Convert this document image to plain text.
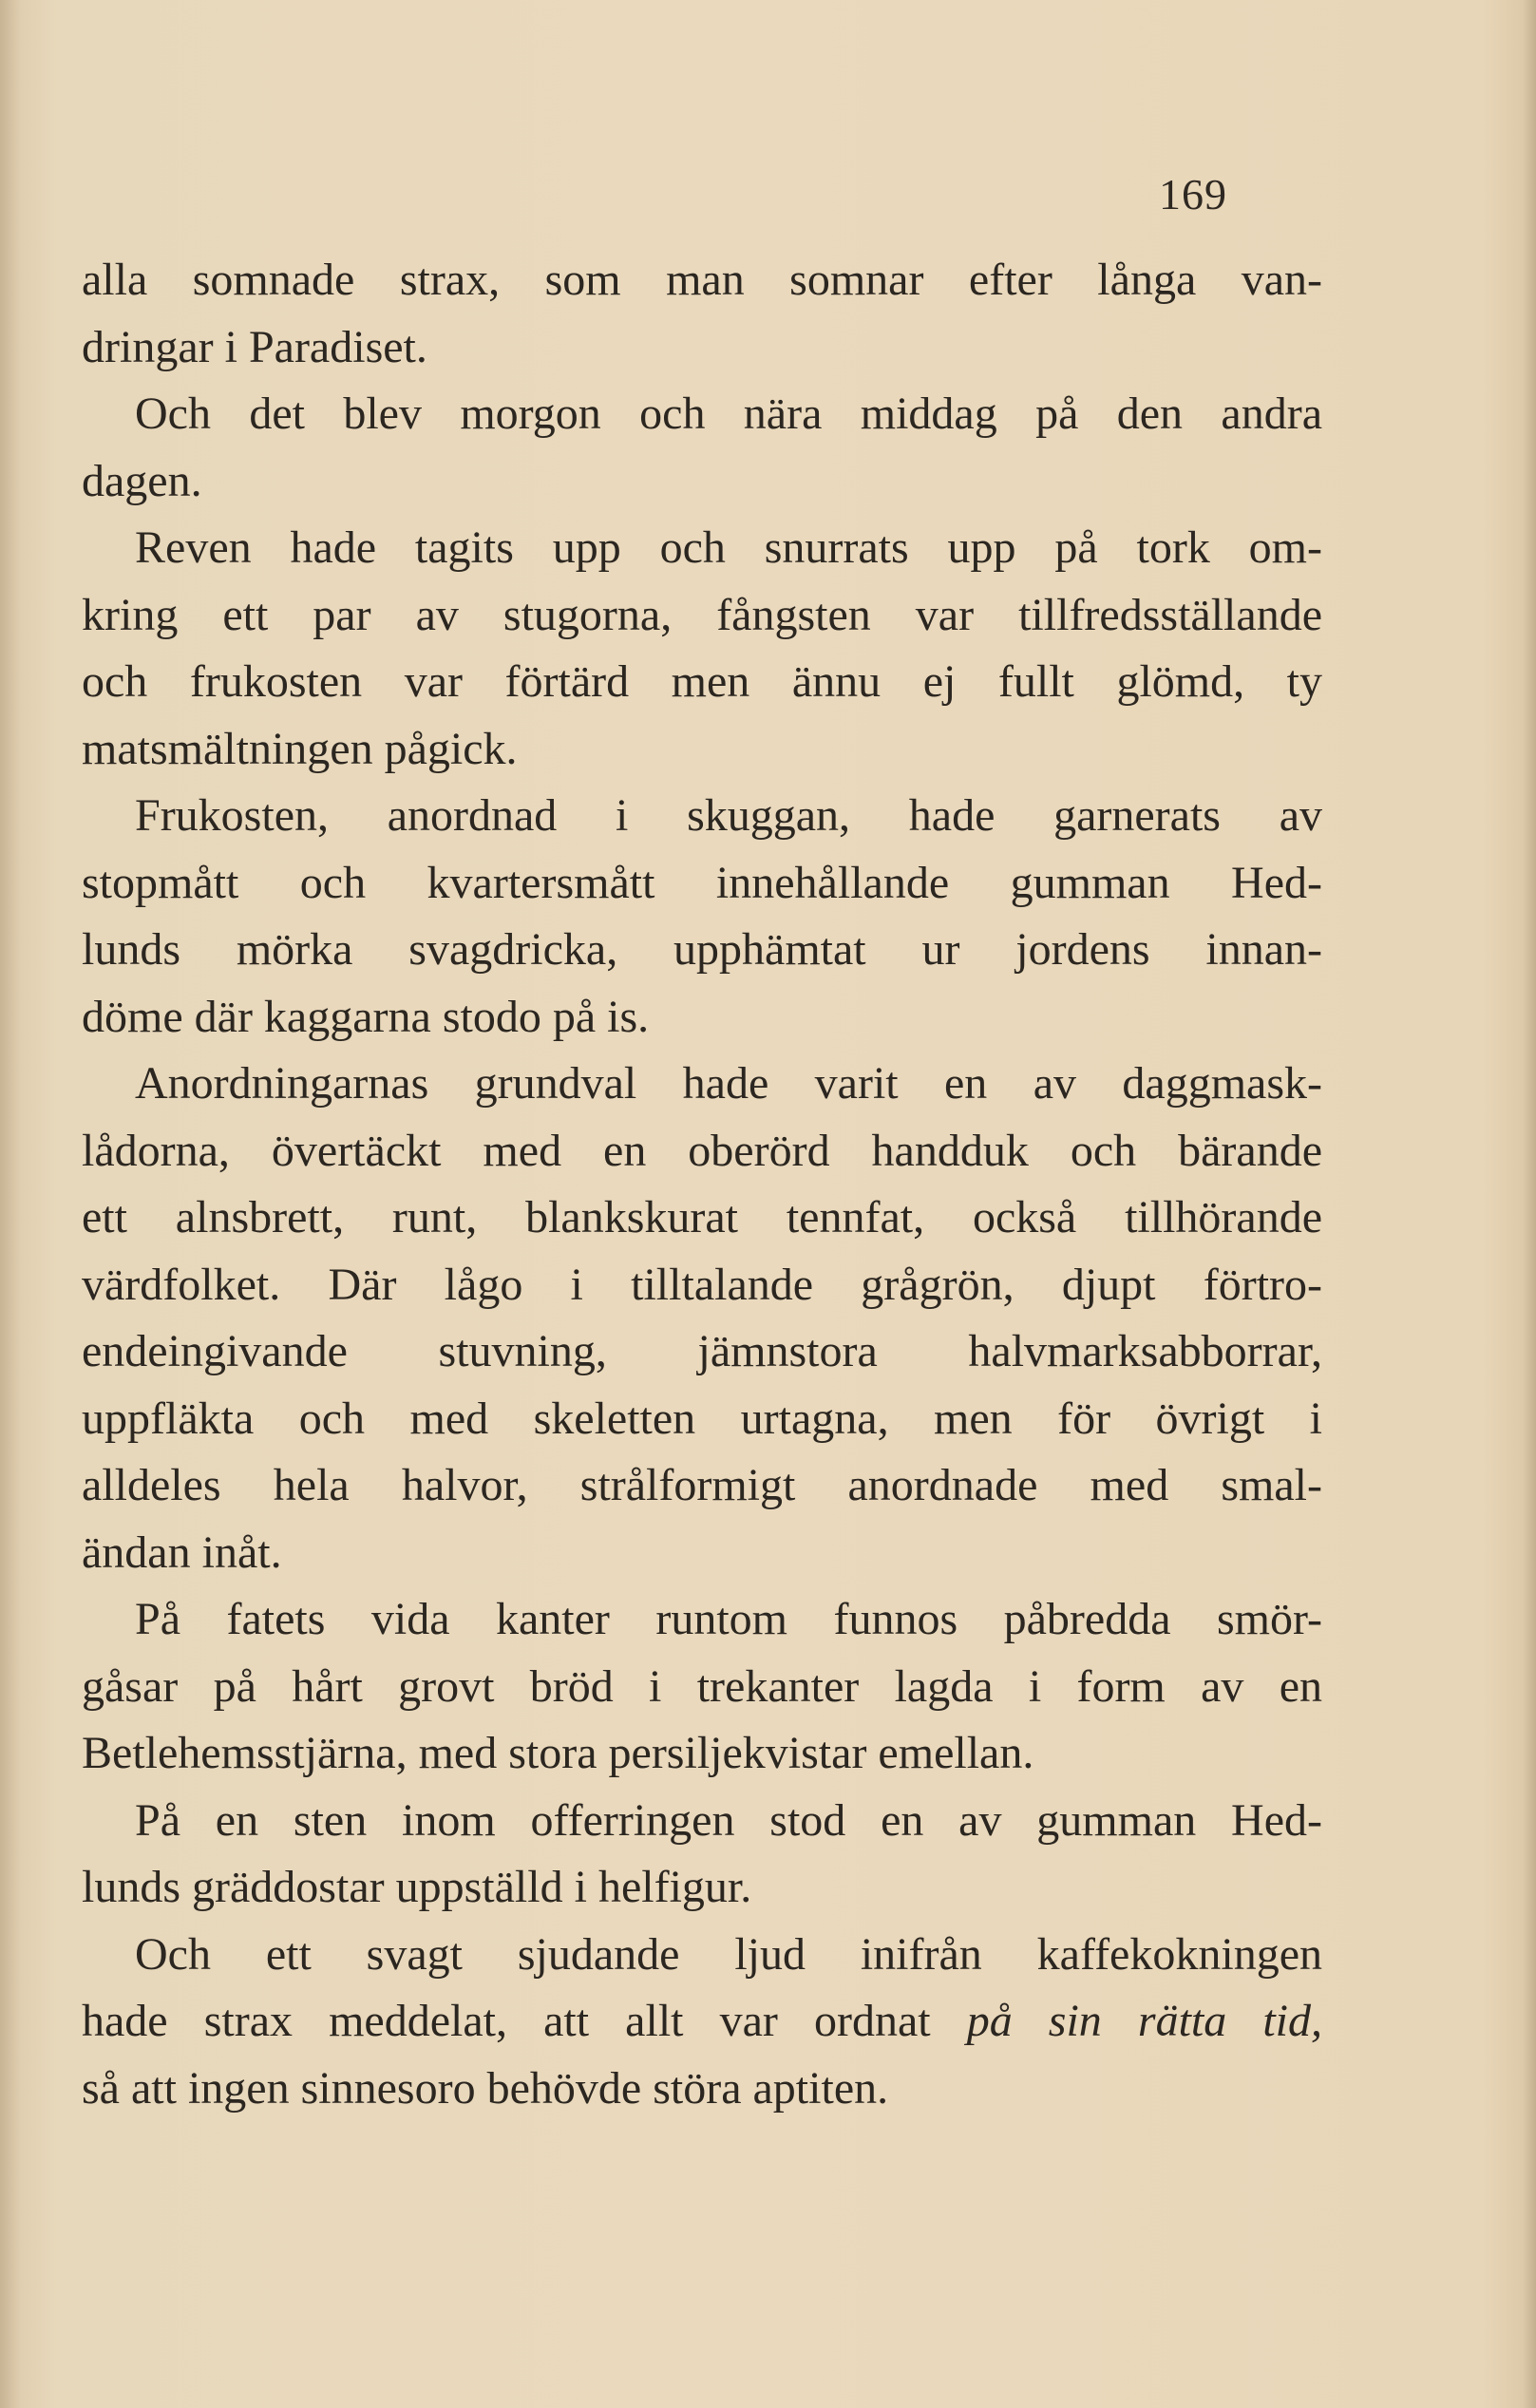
169
alla somnade strax, som man somnar efter långa van-
dringar i Paradiset.
Och det blev morgon och nära middag på den andra
dagen.
Reven hade tagits upp och snurrats upp på tork om-
kring ett par av stugorna, fångsten var tillfredsställande
och frukosten var förtärd men ännu ej fullt glömd, ty
matsmältningen pågick.
Frukosten, anordnad i skuggan, hade garnerats av
stopmått och kvartersmått innehållande gumman Hed-
lunds mörka svagdricka, upphämtat ur jordens innan-
döme där kaggarna stodo på is.
Anordningarnas grundval hade varit en av daggmask-
lådorna, övertäckt med en oberörd handduk och bärande
ett alnsbrett, runt, blankskurat tennfat, också tillhörande
värdfolket. Där lågo i tilltalande grågrön, djupt förtro-
endeingivande stuvning, jämnstora halvmarksabborrar,
uppfläkta och med skeletten urtagna, men för övrigt i
alldeles hela halvor, strålformigt anordnade med smal-
ändan inåt.
På fatets vida kanter runtom funnos påbredda smör-
gåsar på hårt grovt bröd i trekanter lagda i form av en
Betlehemsstjärna, med stora persiljekvistar emellan.
På en sten inom offerringen stod en av gumman Hed-
lunds gräddostar uppställd i helfigur.
Och ett svagt sjudande ljud inifrån kaffekokningen
hade strax meddelat, att allt var ordnat på sin rätta tid,
så att ingen sinnesoro behövde störa aptiten.
